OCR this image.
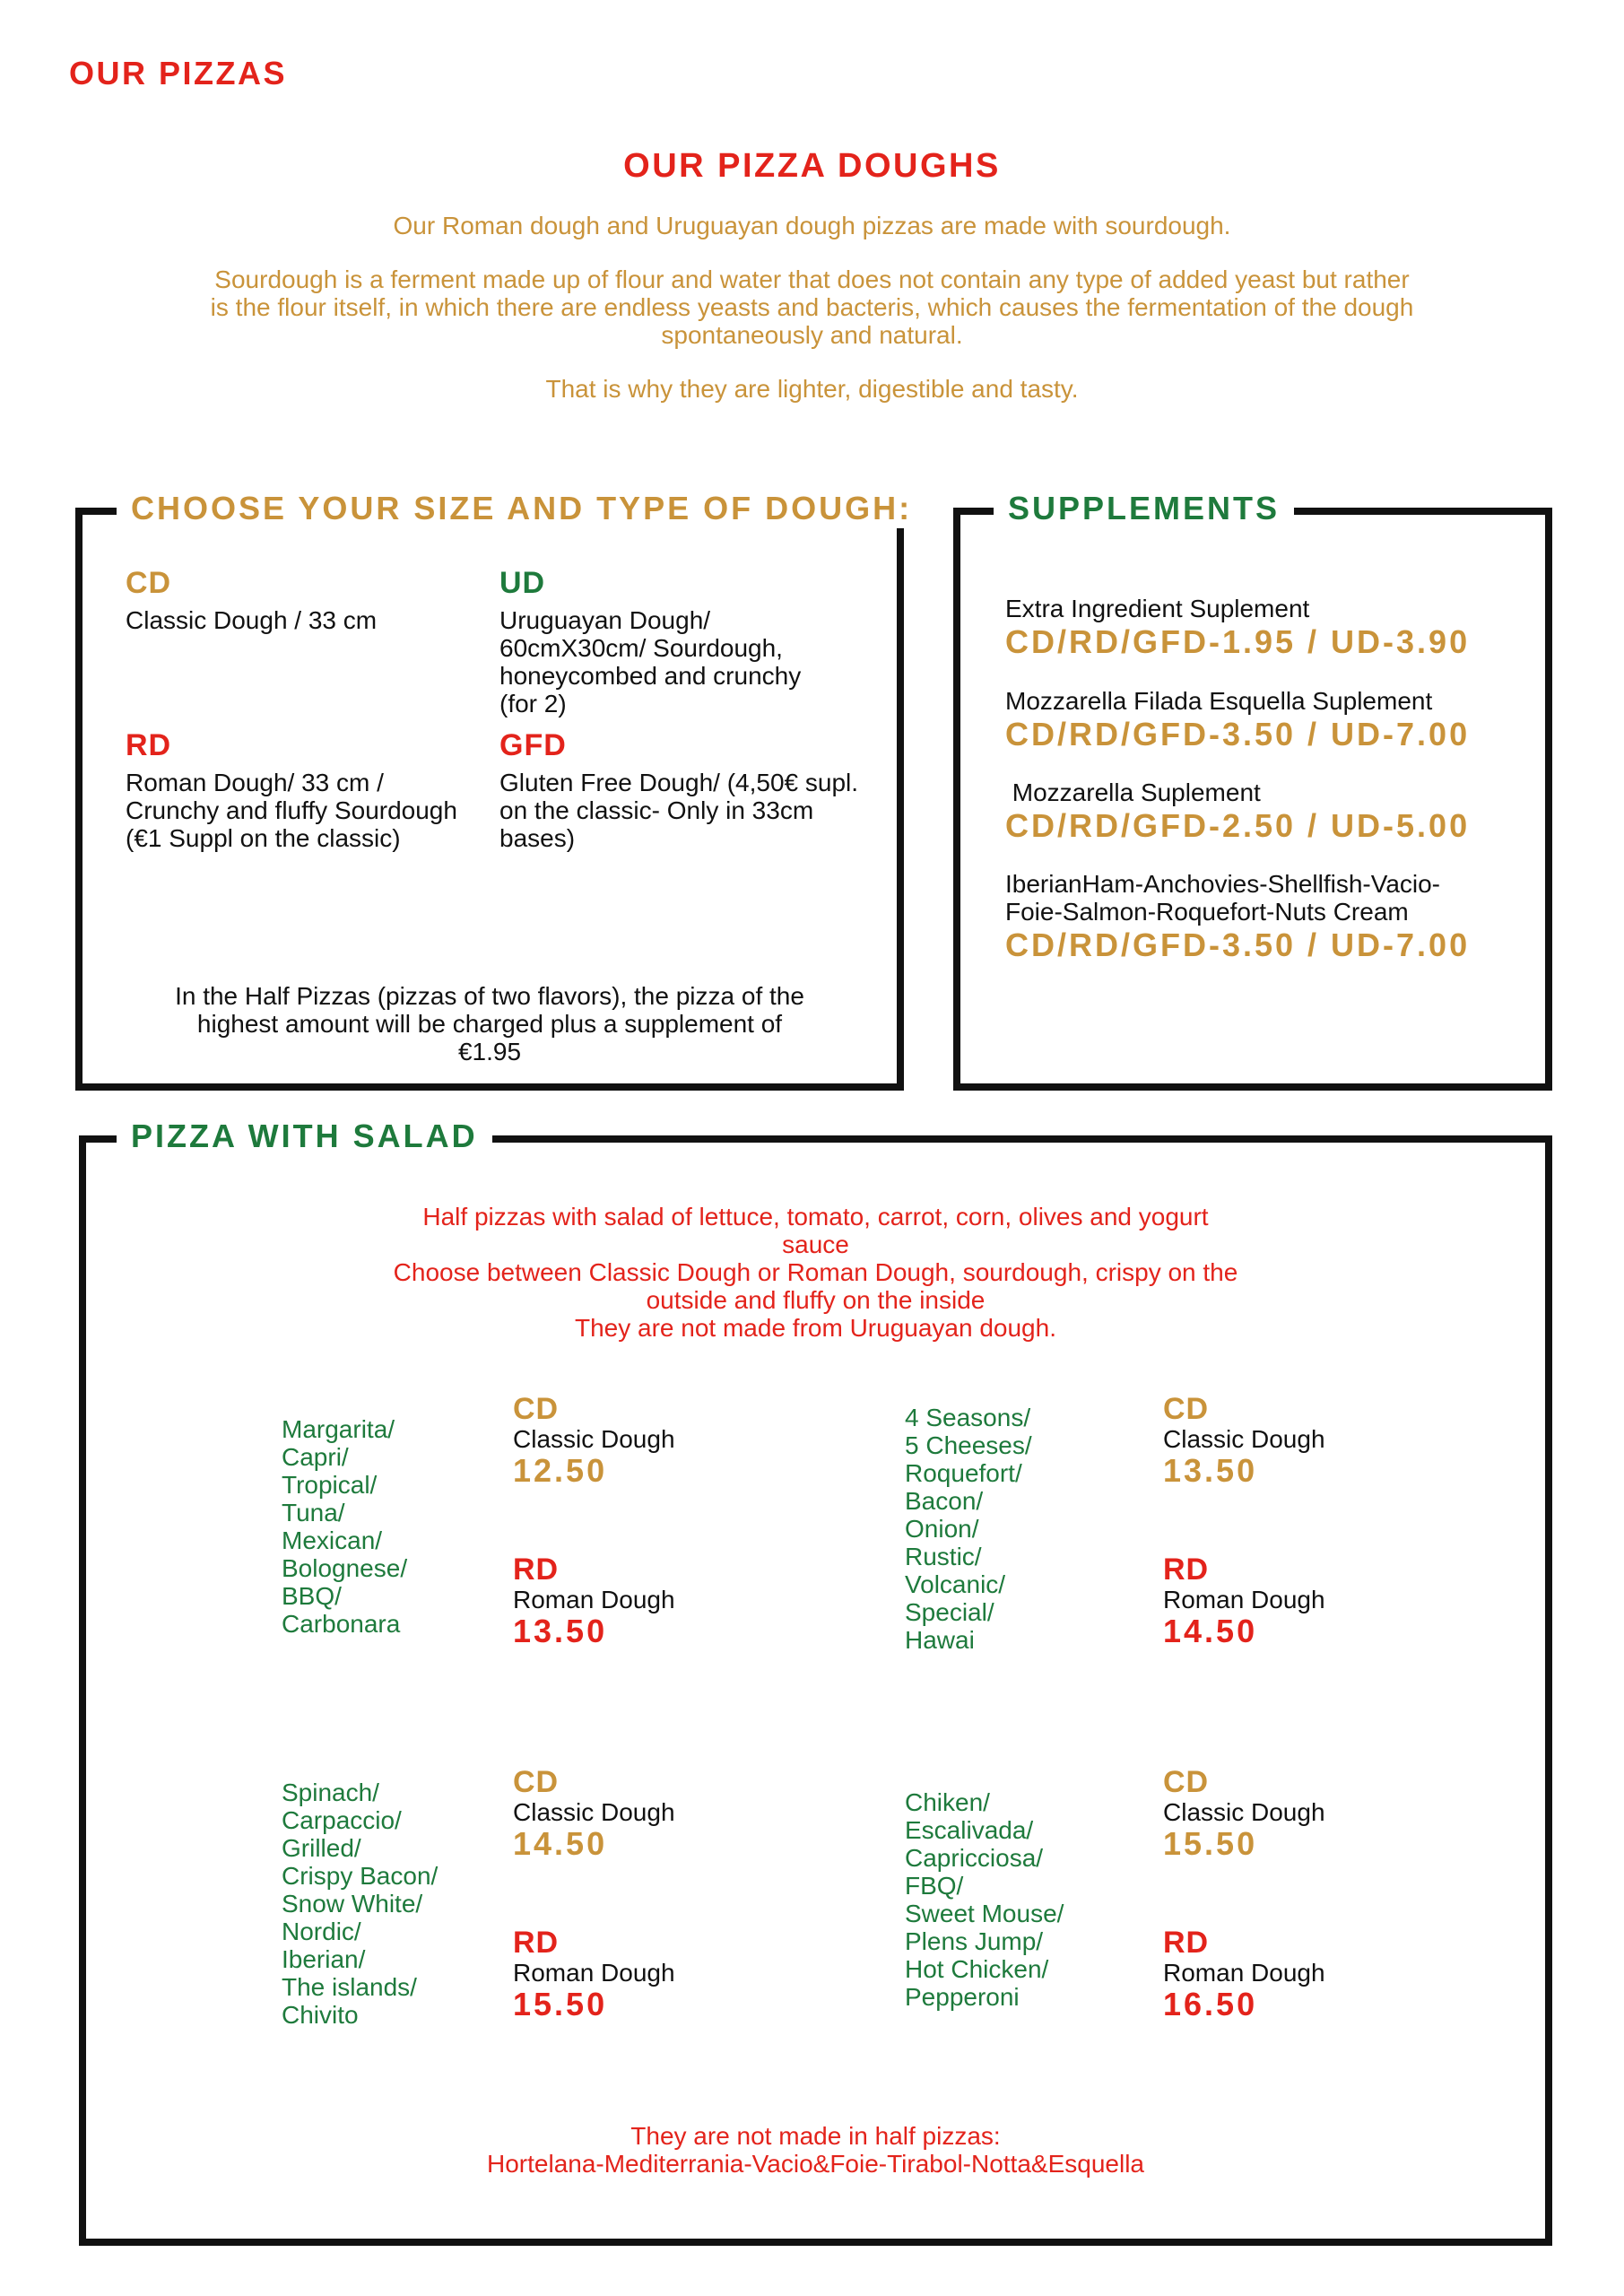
OUR PIZZAS
OUR PIZZA DOUGHS
Our Roman dough and Uruguayan dough pizzas are made with sourdough.
Sourdough is a ferment made up of flour and water that does not contain any type of added yeast but rather
is the flour itself, in which there are endless yeasts and bacteris, which causes the fermentation of the dough
spontaneously and natural.
That is why they are lighter, digestible and tasty.
CHOOSE YOUR SIZE AND TYPE OF DOUGH:
CD
Classic Dough / 33 cm
UD
Uruguayan Dough/
60cmX30cm/ Sourdough,
honeycombed and crunchy
(for 2)
RD
Roman Dough/ 33 cm /
Crunchy and fluffy Sourdough
(€1 Suppl on the classic)
GFD
Gluten Free Dough/ (4,50€ supl.
on the classic- Only in 33cm
bases)
In the Half Pizzas (pizzas of two flavors), the pizza of the
highest amount will be charged plus a supplement of
€1.95
SUPPLEMENTS
Extra Ingredient Suplement
CD/RD/GFD-1.95 / UD-3.90
Mozzarella Filada Esquella Suplement
CD/RD/GFD-3.50 / UD-7.00
Mozzarella Suplement
CD/RD/GFD-2.50 / UD-5.00
IberianHam-Anchovies-Shellfish-Vacio-
Foie-Salmon-Roquefort-Nuts Cream
CD/RD/GFD-3.50 / UD-7.00
PIZZA WITH SALAD
Half pizzas with salad of lettuce, tomato, carrot, corn, olives and yogurt
sauce
Choose between Classic Dough or Roman Dough, sourdough, crispy on the
outside and fluffy on the inside
They are not made from Uruguayan dough.
Margarita/
Capri/
Tropical/
Tuna/
Mexican/
Bolognese/
BBQ/
Carbonara
CD
Classic Dough
12.50
RD
Roman Dough
13.50
4 Seasons/
5 Cheeses/
Roquefort/
Bacon/
Onion/
Rustic/
Volcanic/
Special/
Hawai
CD
Classic Dough
13.50
RD
Roman Dough
14.50
Spinach/
Carpaccio/
Grilled/
Crispy Bacon/
Snow White/
Nordic/
Iberian/
The islands/
Chivito
CD
Classic Dough
14.50
RD
Roman Dough
15.50
Chiken/
Escalivada/
Capricciosa/
FBQ/
Sweet Mouse/
Plens Jump/
Hot Chicken/
Pepperoni
CD
Classic Dough
15.50
RD
Roman Dough
16.50
They are not made in half pizzas:
Hortelana-Mediterrania-Vacio&Foie-Tirabol-Notta&Esquella
